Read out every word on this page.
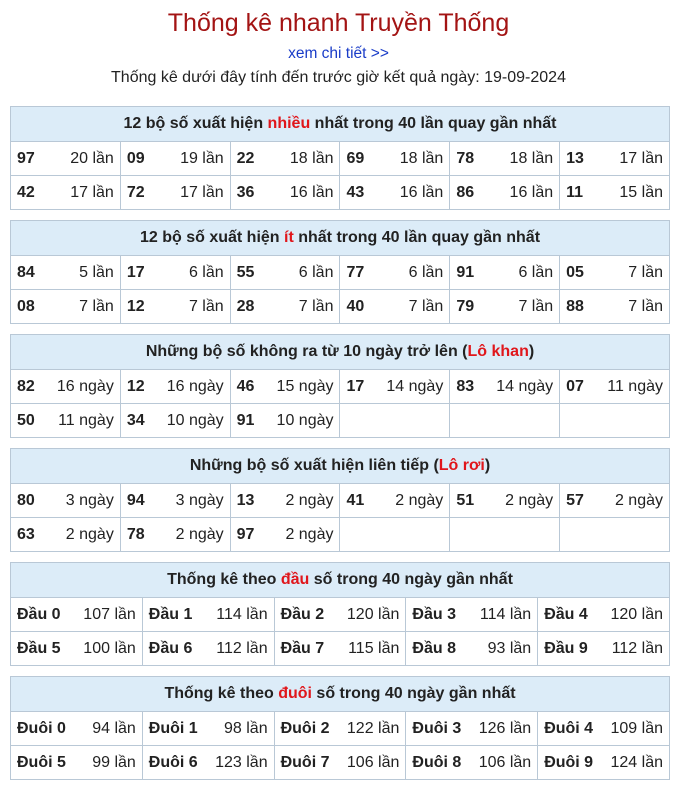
Thống kê nhanh Truyền Thống
xem chi tiết >>
Thống kê dưới đây tính đến trước giờ kết quả ngày: 19-09-2024
12 bộ số xuất hiện nhiều nhất trong 40 lần quay gần nhất					

97 20 lần	09 19 lần	22 18 lần	69 18 lần	78 18 lần	13 17 lần

42 17 lần	72 17 lần	36 16 lần	43 16 lần	86 16 lần	11 15 lần
12 bộ số xuất hiện ít nhất trong 40 lần quay gần nhất					

84 5 lần	17 6 lần	55 6 lần	77 6 lần	91 6 lần	05 7 lần

08 7 lần	12 7 lần	28 7 lần	40 7 lần	79 7 lần	88 7 lần
Những bộ số không ra từ 10 ngày trở lên (Lô khan)					

82 16 ngày	12 16 ngày	46 15 ngày	17 14 ngày	83 14 ngày	07 11 ngày

50 11 ngày	34 10 ngày	91 10 ngày			

Những bộ số xuất hiện liên tiếp (Lô rơi)					

80 3 ngày	94 3 ngày	13 2 ngày	41 2 ngày	51 2 ngày	57 2 ngày

63 2 ngày	78 2 ngày	97 2 ngày			

Thống kê theo đầu số trong 40 ngày gần nhất				

Đầu 0 107 lần	Đầu 1 114 lần	Đầu 2 120 lần	Đầu 3 114 lần	Đầu 4 120 lần

Đầu 5 100 lần	Đầu 6 112 lần	Đầu 7 115 lần	Đầu 8 93 lần	Đầu 9 112 lần
Thống kê theo đuôi số trong 40 ngày gần nhất				

Đuôi 0 94 lần	Đuôi 1 98 lần	Đuôi 2 122 lần	Đuôi 3 126 lần	Đuôi 4 109 lần

Đuôi 5 99 lần	Đuôi 6 123 lần	Đuôi 7 106 lần	Đuôi 8 106 lần	Đuôi 9 124 lần
